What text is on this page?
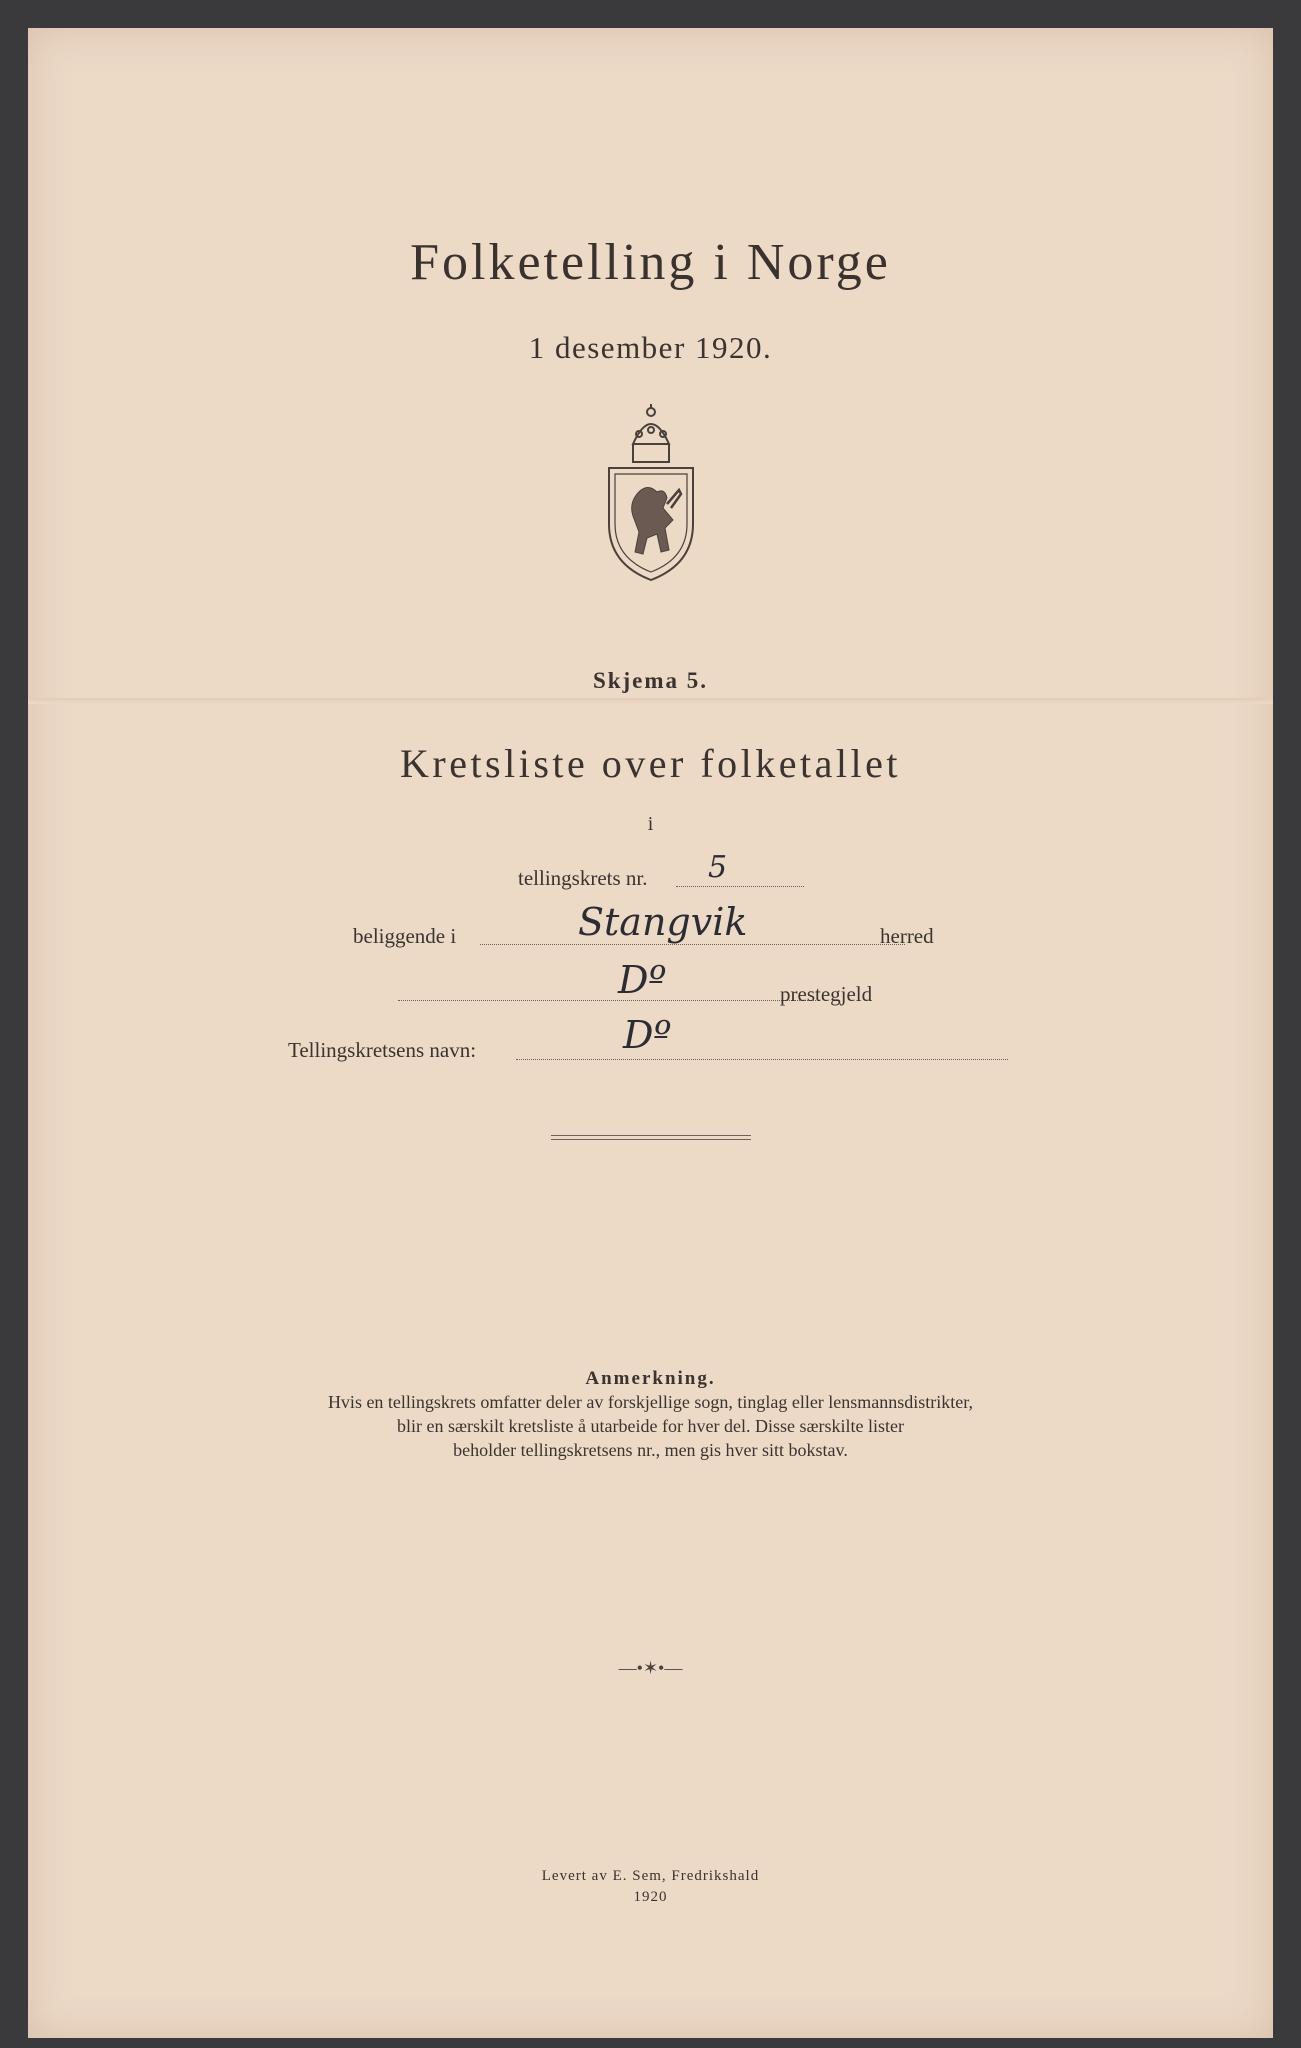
Folketelling i Norge
1 desember 1920.
Skjema 5.
Kretsliste over folketallet
i
tellingskrets nr. 5
beliggende i	Stangvik	herred
Dº	prestegjeld
Tellingskretsens navn:	Dº
Anmerkning.
Hvis en tellingskrets omfatter deler av forskjellige sogn, tinglag eller lensmannsdistrikter,
blir en særskilt kretsliste å utarbeide for hver del. Disse særskilte lister
beholder tellingskretsens nr., men gis hver sitt bokstav.
—•✶•—
Levert av E. Sem, Fredrikshald
1920
